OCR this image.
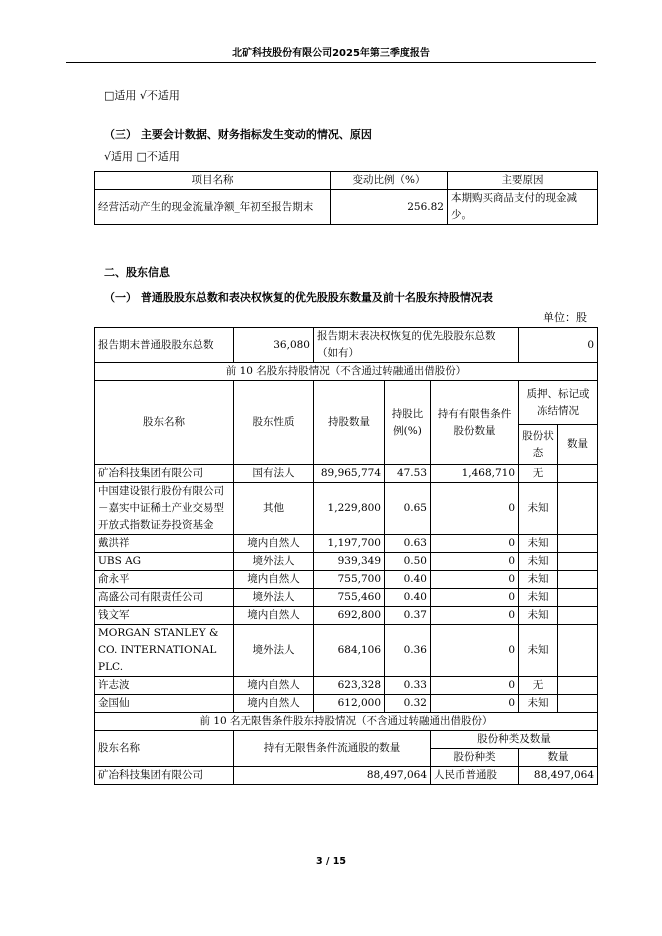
北矿科技股份有限公司2025年第三季度报告
□适用 √不适用
（三） 主要会计数据、财务指标发生变动的情况、原因
√适用 □不适用
项目名称	变动比例（%）	主要原因
经营活动产生的现金流量净额_年初至报告期末	256.82	本期购买商品支付的现金减少。
二、股东信息
（一） 普通股股东总数和表决权恢复的优先股股东数量及前十名股东持股情况表
单位：股
报告期末普通股股东总数	36,080	报告期末表决权恢复的优先股股东总数（如有）			0	
前 10 名股东持股情况（不含通过转融通出借股份）						
股东名称	股东性质	持股数量	持股比例(%)	持有有限售条件股份数量	质押、标记或冻结情况	
					股份状态	数量
矿冶科技集团有限公司	国有法人	89,965,774	47.53	1,468,710	无	
中国建设银行股份有限公司－嘉实中证稀土产业交易型开放式指数证券投资基金	其他	1,229,800	0.65	0	未知	
戴洪祥	境内自然人	1,197,700	0.63	0	未知	
UBS AG	境外法人	939,349	0.50	0	未知	
俞永平	境内自然人	755,700	0.40	0	未知	
高盛公司有限责任公司	境外法人	755,460	0.40	0	未知	
钱文军	境内自然人	692,800	0.37	0	未知	
MORGAN STANLEY & CO. INTERNATIONAL PLC.	境外法人	684,106	0.36	0	未知	
许志波	境内自然人	623,328	0.33	0	无	
金国仙	境内自然人	612,000	0.32	0	未知	
前 10 名无限售条件股东持股情况（不含通过转融通出借股份）						
股东名称	持有无限售条件流通股的数量			股份种类及数量		
				股份种类	数量	
矿冶科技集团有限公司	88,497,064			人民币普通股	88,497,064	
3 / 15
